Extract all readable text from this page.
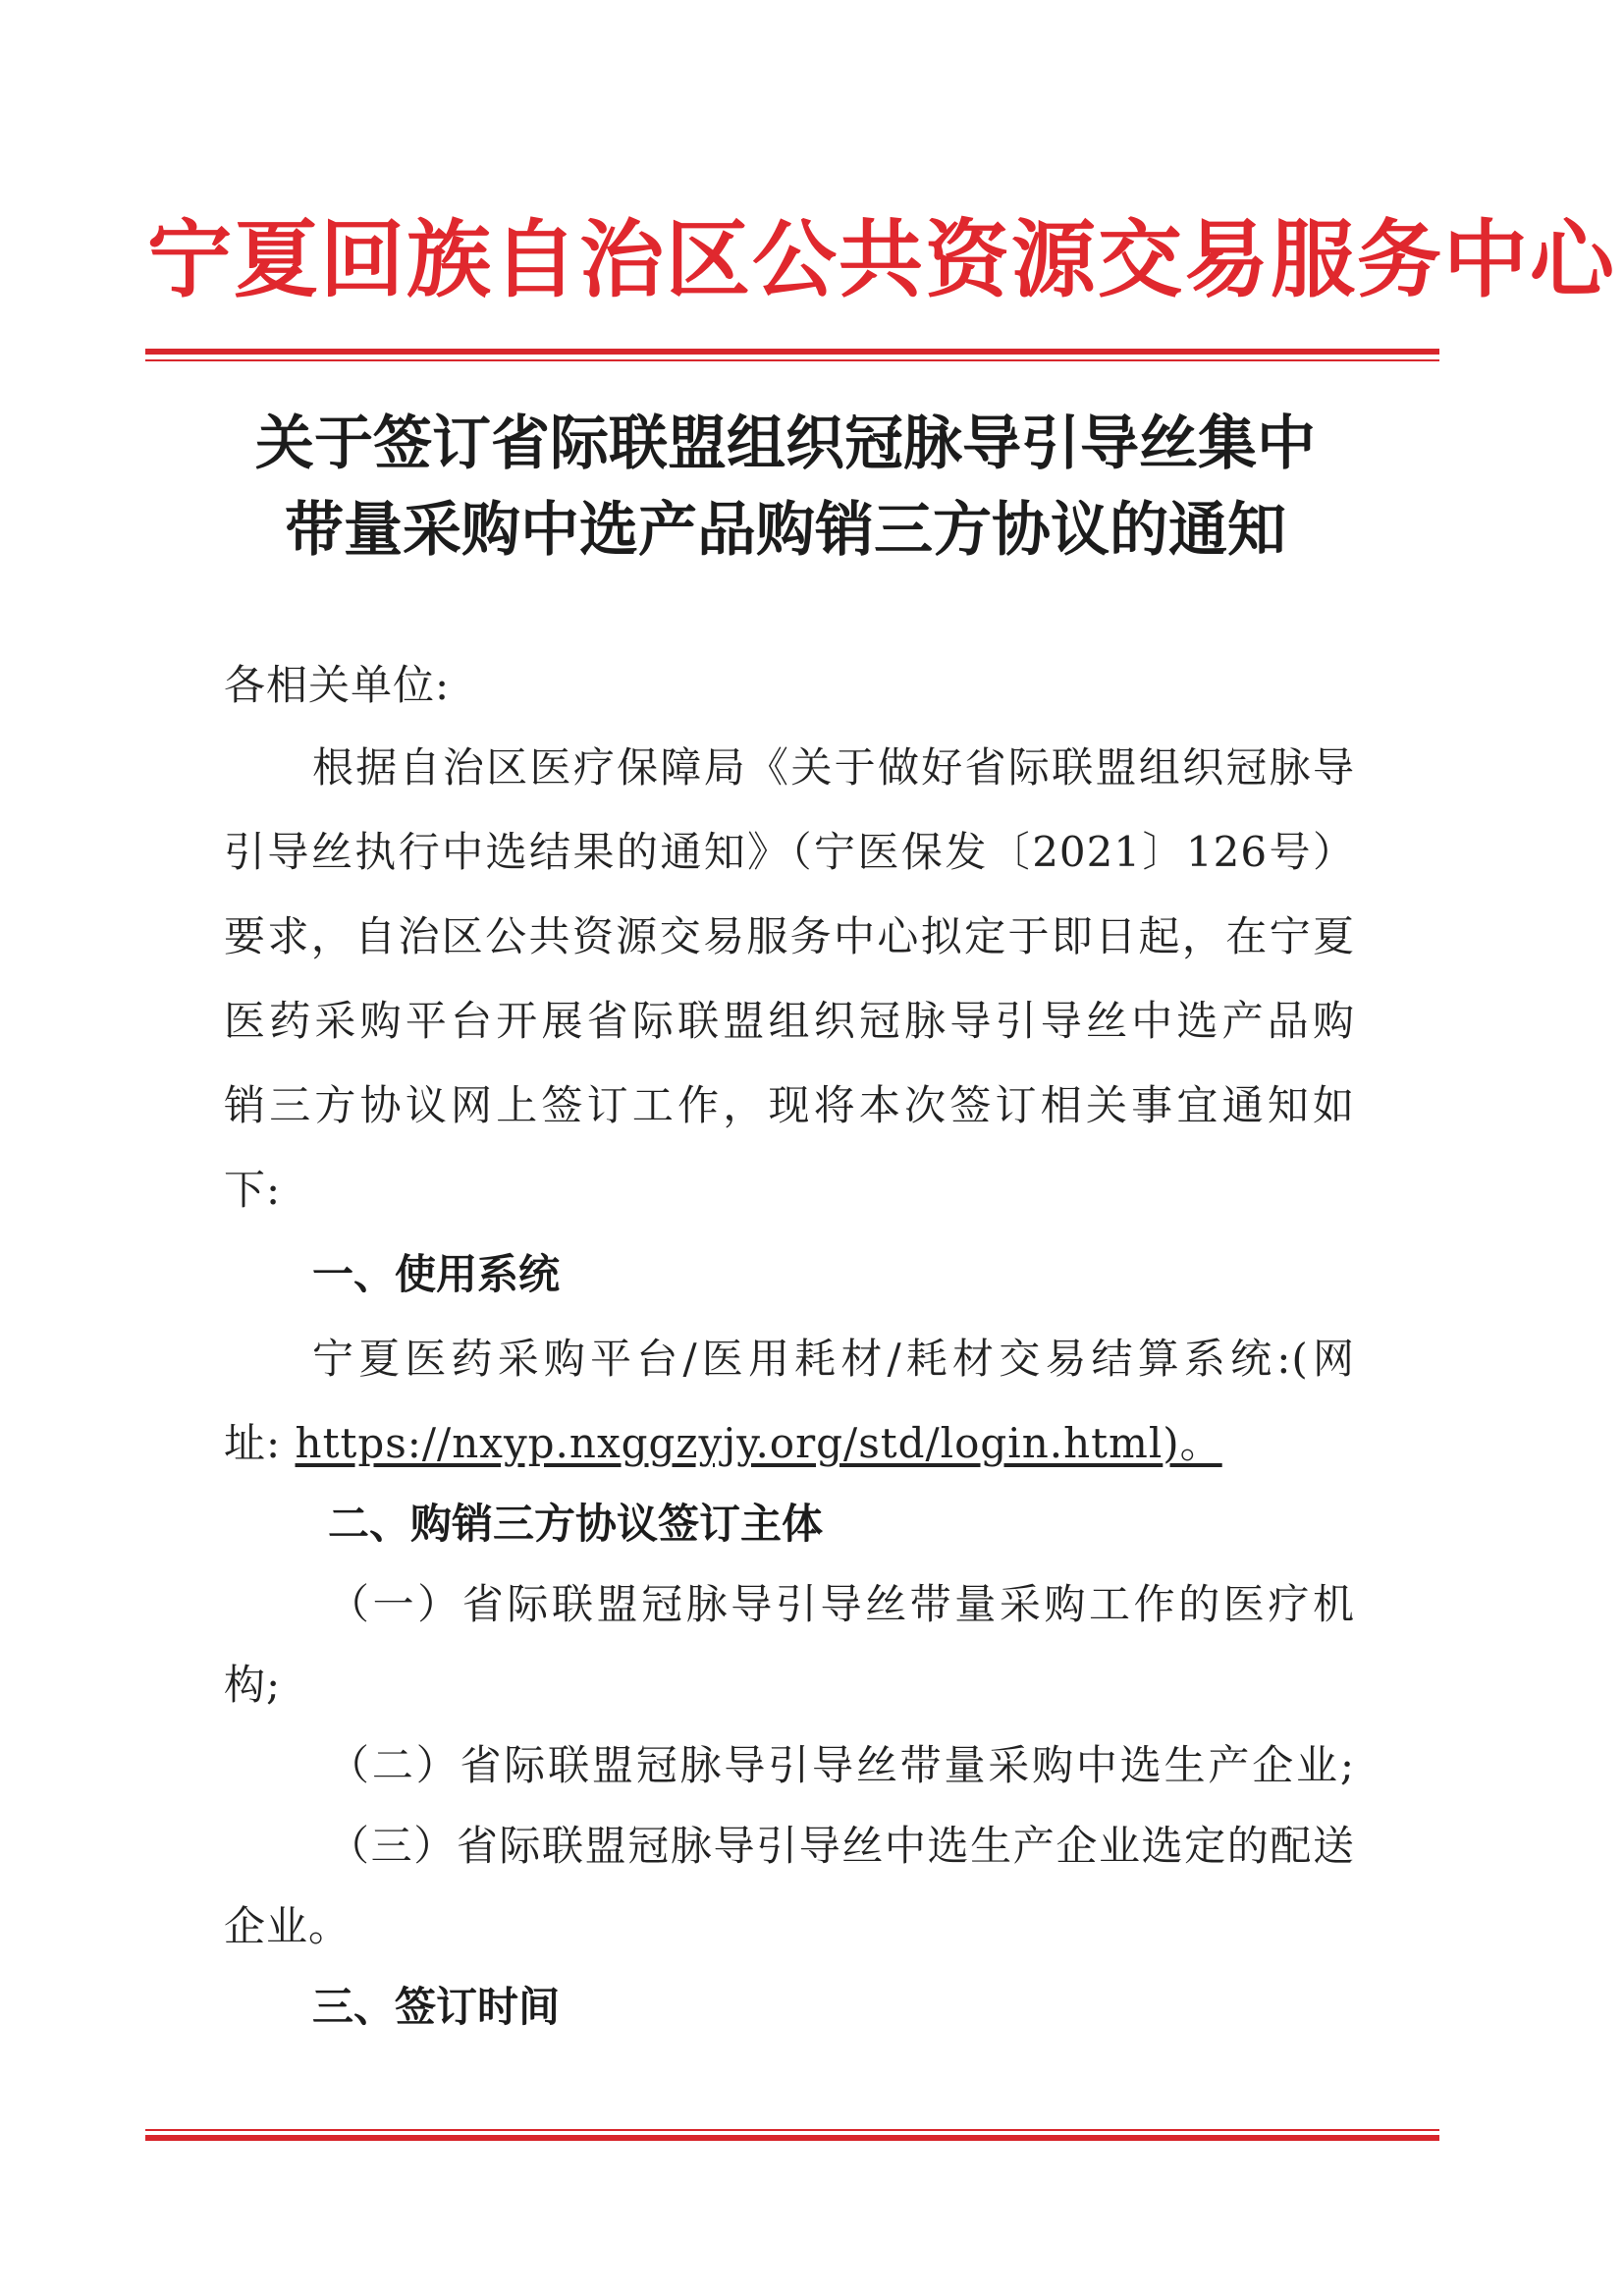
宁夏回族自治区公共资源交易服务中心
关于签订省际联盟组织冠脉导引导丝集中
带量采购中选产品购销三方协议的通知
各相关单位:
根据自治区医疗保障局《关于做好省际联盟组织冠脉导
引导丝执行中选结果的通知》（宁医保发〔2021〕126号）
要求，自治区公共资源交易服务中心拟定于即日起，在宁夏
医药采购平台开展省际联盟组织冠脉导引导丝中选产品购
销三方协议网上签订工作，现将本次签订相关事宜通知如
下:
一、使用系统
宁夏医药采购平台/医用耗材/耗材交易结算系统:(网
址: https://nxyp.nxggzyjy.org/std/login.html)。
二、购销三方协议签订主体
（一）省际联盟冠脉导引导丝带量采购工作的医疗机
构;
（二）省际联盟冠脉导引导丝带量采购中选生产企业;
（三）省际联盟冠脉导引导丝中选生产企业选定的配送
企业。
三、签订时间
